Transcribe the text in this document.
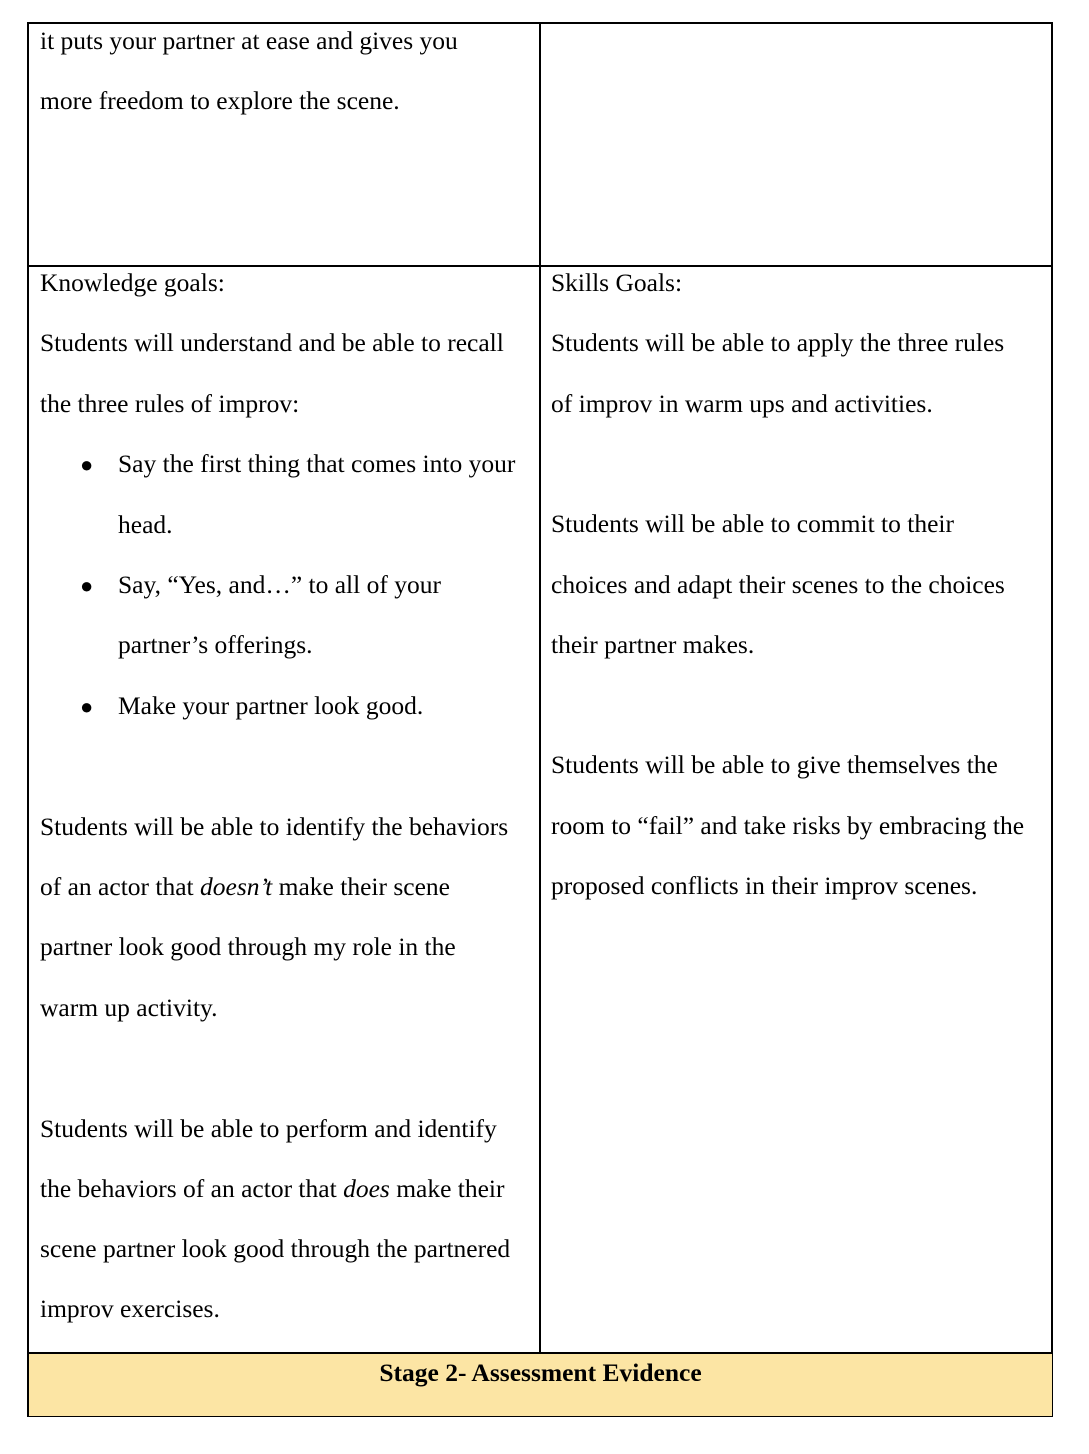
it puts your partner at ease and gives you
more freedom to explore the scene.
Knowledge goals:
Students will understand and be able to recall
the three rules of improv:
● Say the first thing that comes into your
head.
● Say, “Yes, and…” to all of your
partner’s offerings.
● Make your partner look good.
Students will be able to identify the behaviors
of an actor that doesn’t make their scene
partner look good through my role in the
warm up activity.
Students will be able to perform and identify
the behaviors of an actor that does make their
scene partner look good through the partnered
improv exercises.
Skills Goals:
Students will be able to apply the three rules
of improv in warm ups and activities.
Students will be able to commit to their
choices and adapt their scenes to the choices
their partner makes.
Students will be able to give themselves the
room to “fail” and take risks by embracing the
proposed conflicts in their improv scenes.
Stage 2- Assessment Evidence
